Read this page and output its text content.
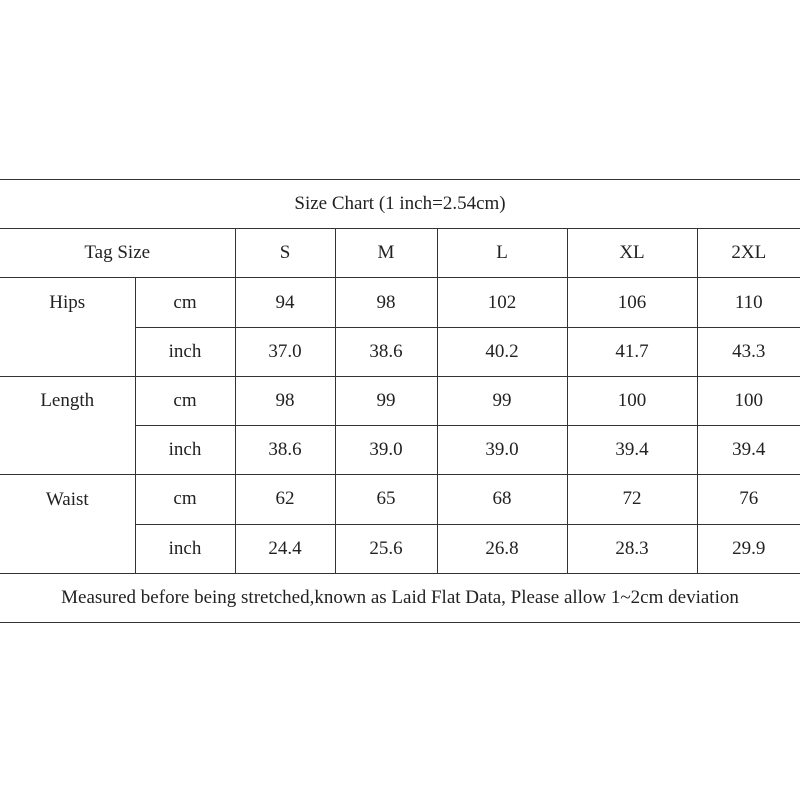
Size Chart (1 inch=2.54cm)						
Tag Size		S	M	L	XL	2XL
Hips	cm	94	98	102	106	110
	inch	37.0	38.6	40.2	41.7	43.3
Length	cm	98	99	99	100	100
	inch	38.6	39.0	39.0	39.4	39.4
Waist	cm	62	65	68	72	76
	inch	24.4	25.6	26.8	28.3	29.9
Measured before being stretched,known as Laid Flat Data, Please allow 1~2cm deviation						
